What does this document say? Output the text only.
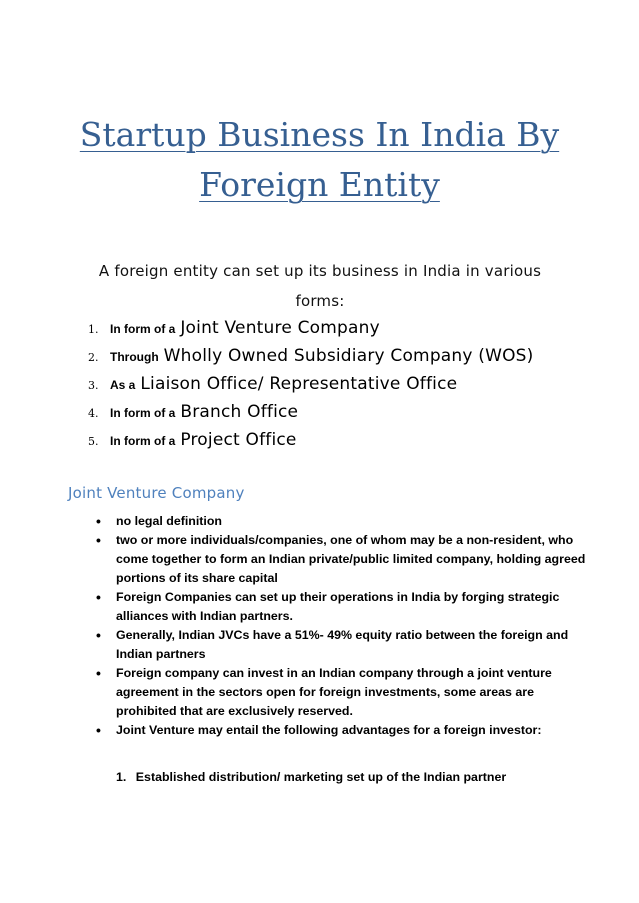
Startup Business In India By
Foreign Entity

A foreign entity can set up its business in India in various forms:

1. In form of a Joint Venture Company
2. Through Wholly Owned Subsidiary Company (WOS)
3. As a Liaison Office/ Representative Office
4. In form of a Branch Office
5. In form of a Project Office
Joint Venture Company
• no legal definition
• two or more individuals/companies, one of whom may be a non-resident, who come together to form an Indian private/public limited company, holding agreed portions of its share capital
• Foreign Companies can set up their operations in India by forging strategic alliances with Indian partners.
• Generally, Indian JVCs have a 51%- 49% equity ratio between the foreign and Indian partners
• Foreign company can invest in an Indian company through a joint venture agreement in the sectors open for foreign investments, some areas are prohibited that are exclusively reserved.
• Joint Venture may entail the following advantages for a foreign investor:

1. Established distribution/ marketing set up of the Indian partner
